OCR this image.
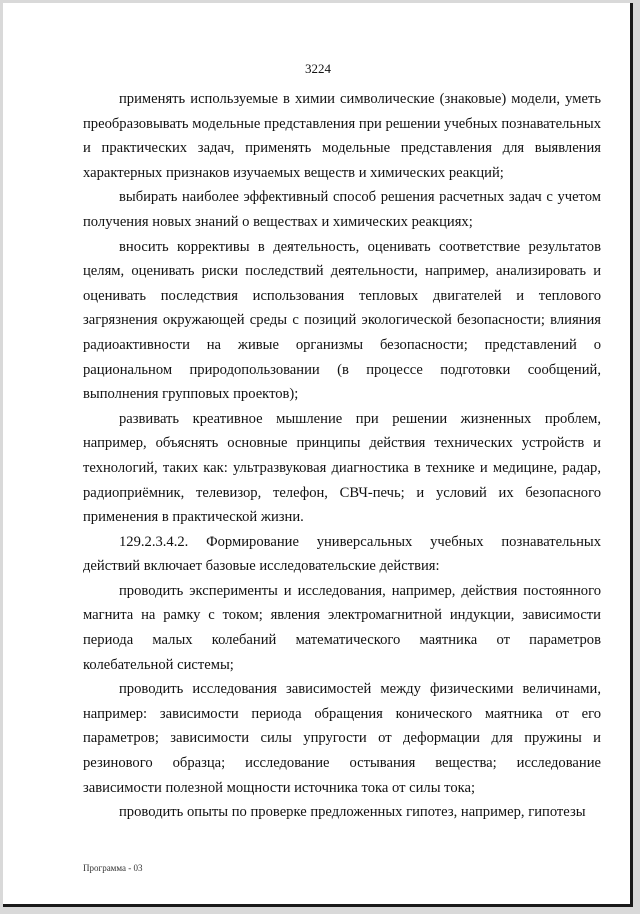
3224

применять используемые в химии символические (знаковые) модели, уметь преобразовывать модельные представления при решении учебных познавательных и практических задач, применять модельные представления для выявления характерных признаков изучаемых веществ и химических реакций;

выбирать наиболее эффективный способ решения расчетных задач с учетом получения новых знаний о веществах и химических реакциях;

вносить коррективы в деятельность, оценивать соответствие результатов целям, оценивать риски последствий деятельности, например, анализировать и оценивать последствия использования тепловых двигателей и теплового загрязнения окружающей среды с позиций экологической безопасности; влияния радиоактивности на живые организмы безопасности; представлений о рациональном природопользовании (в процессе подготовки сообщений, выполнения групповых проектов);

развивать креативное мышление при решении жизненных проблем, например, объяснять основные принципы действия технических устройств и технологий, таких как: ультразвуковая диагностика в технике и медицине, радар, радиоприёмник, телевизор, телефон, СВЧ-печь; и условий их безопасного применения в практической жизни.

129.2.3.4.2. Формирование универсальных учебных познавательных действий включает базовые исследовательские действия:

проводить эксперименты и исследования, например, действия постоянного магнита на рамку с током; явления электромагнитной индукции, зависимости периода малых колебаний математического маятника от параметров колебательной системы;

проводить исследования зависимостей между физическими величинами, например: зависимости периода обращения конического маятника от его параметров; зависимости силы упругости от деформации для пружины и резинового образца; исследование остывания вещества; исследование зависимости полезной мощности источника тока от силы тока;

проводить опыты по проверке предложенных гипотез, например, гипотезы

Программа - 03
